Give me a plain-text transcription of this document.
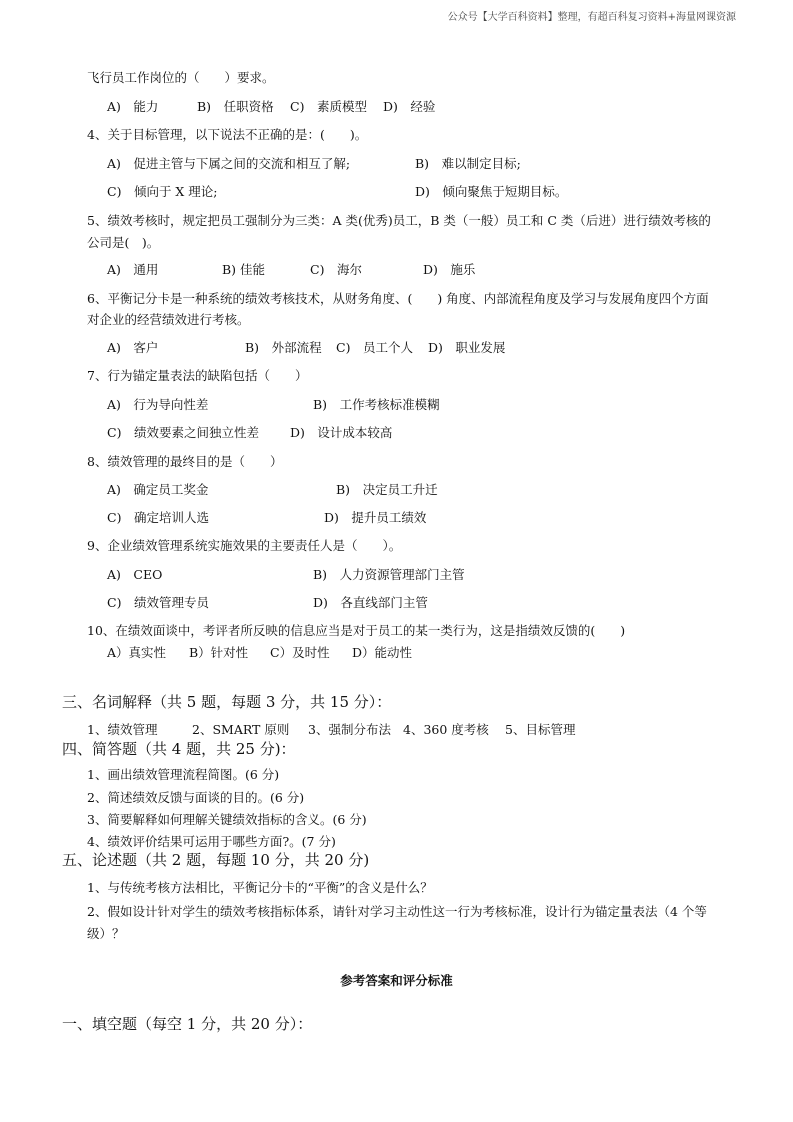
公众号【大学百科资料】整理，有超百科复习资料+海量网课资源
飞行员工作岗位的（　　）要求。
A)　能力	B)　任职资格 C)　素质模型 D)　经验
4、关于目标管理，以下说法不正确的是：(　　)。
A)　促进主管与下属之间的交流和相互了解;	B)　难以制定目标;
C)　倾向于 X 理论;	D)　倾向聚焦于短期目标。
5、绩效考核时，规定把员工强制分为三类：A 类(优秀)员工，B 类（一般）员工和 C 类（后进）进行绩效考核的
公司是(　)。
A)　通用	B) 佳能	C)　海尔	D)　施乐
6、平衡记分卡是一种系统的绩效考核技术，从财务角度、(　　) 角度、内部流程角度及学习与发展角度四个方面
对企业的经营绩效进行考核。
A)　客户	B)　外部流程 C)　员工个人 D)　职业发展
7、行为锚定量表法的缺陷包括（　　）
A)　行为导向性差	B)　工作考核标准模糊
C)　绩效要素之间独立性差 D)　设计成本较高
8、绩效管理的最终目的是（　　）
A)　确定员工奖金	B)　决定员工升迁
C)　确定培训人选	D)　提升员工绩效
9、企业绩效管理系统实施效果的主要责任人是（　　）。
A)　CEO	B)　人力资源管理部门主管
C)　绩效管理专员	D)　各直线部门主管
10、在绩效面谈中，考评者所反映的信息应当是对于员工的某一类行为，这是指绩效反馈的(　　)
A）真实性 B）针对性 C）及时性 D）能动性
三、名词解释（共 5 题，每题 3 分，共 15 分）：
1、绩效管理	2、SMART 原则 3、强制分布法 4、360 度考核 5、目标管理
四、简答题（共 4 题，共 25 分)：
1、画出绩效管理流程简图。(6 分)
2、简述绩效反馈与面谈的目的。(6 分)
3、简要解释如何理解关键绩效指标的含义。(6 分)
4、绩效评价结果可运用于哪些方面?。(7 分)
五、论述题（共 2 题，每题 10 分，共 20 分)
1、与传统考核方法相比，平衡记分卡的“平衡”的含义是什么？
2、假如设计针对学生的绩效考核指标体系，请针对学习主动性这一行为考核标准，设计行为锚定量表法（4 个等
级）？
参考答案和评分标准
一、填空题（每空 1 分，共 20 分）：
